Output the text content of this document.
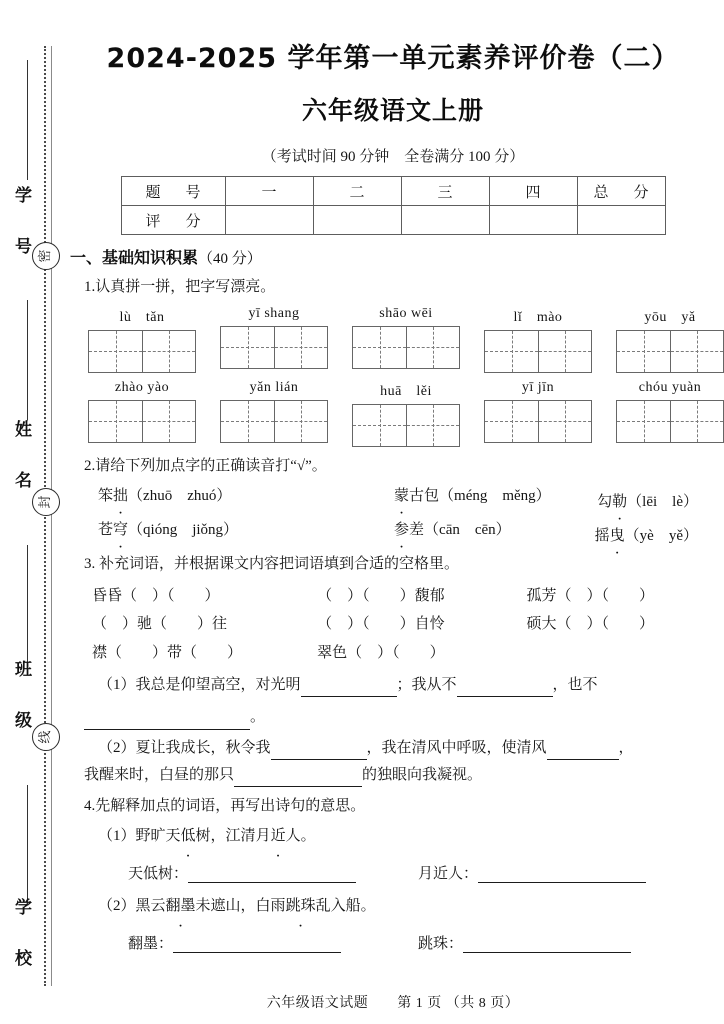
密
封
线
学 号
姓 名
班 级
学 校
2024-2025 学年第一单元素养评价卷（二）
六年级语文上册

（考试时间 90 分钟　全卷满分 100 分）

题　号	一	二	三	四	总　分
评　分					

一、基础知识积累（40 分）

1.认真拼一拼，把字写漂亮。

lù　tǎn	yī shang	shāo wēi	lǐ　mào	yōu　yǎ
zhào yào	yǎn lián	huā　lěi	yī jīn	chóu yuàn

2.请给下列加点字的正确读音打“√”。

笨拙（zhuō　zhuó）	蒙古包（méng　měng）	勾勒（lēi　lè）
苍穹（qióng　jiǒng）	参差（cān　cēn）	摇曳（yè　yě）

3. 补充词语，并根据课文内容把词语填到合适的空格里。

昏昏（　）（　　）	（　）（　　）馥郁	孤芳（　）（　　）
（　）驰（　　）往	（　）（　　）自怜	硕大（　）（　　）
襟（　　）带（　　）	翠色（　）（　　）

（1）我总是仰望高空，对光明	；我从不	，也不

。

（2）夏让我成长，秋令我	，我在清风中呼吸，使清风	，

我醒来时，白昼的那只	的独眼向我凝视。

4.先解释加点的词语，再写出诗句的意思。

（1）野旷天低树，江清月近人。

天低树：	月近人：

（2）黑云翻墨未遮山，白雨跳珠乱入船。

翻墨：	跳珠：
六年级语文试题　　第 1 页 （共 8 页）
